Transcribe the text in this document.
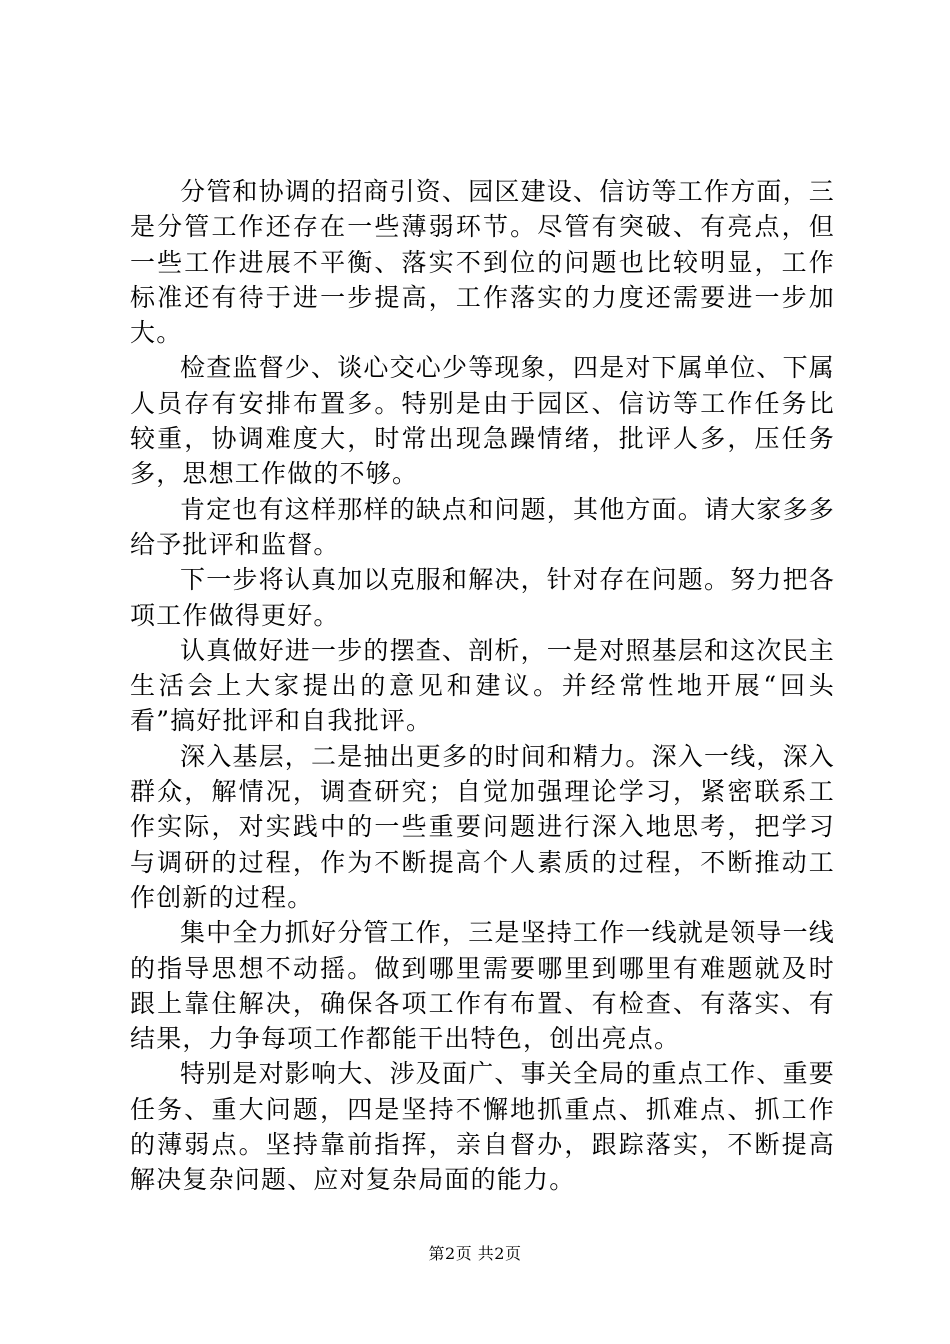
分管和协调的招商引资、园区建设、信访等工作方面，三是分管工作还存在一些薄弱环节。尽管有突破、有亮点，但一些工作进展不平衡、落实不到位的问题也比较明显，工作标准还有待于进一步提高，工作落实的力度还需要进一步加大。

检查监督少、谈心交心少等现象，四是对下属单位、下属人员存有安排布置多。特别是由于园区、信访等工作任务比较重，协调难度大，时常出现急躁情绪，批评人多，压任务多，思想工作做的不够。

肯定也有这样那样的缺点和问题，其他方面。请大家多多给予批评和监督。

下一步将认真加以克服和解决，针对存在问题。努力把各项工作做得更好。

认真做好进一步的摆查、剖析，一是对照基层和这次民主生活会上大家提出的意见和建议。并经常性地开展“回头看”搞好批评和自我批评。

深入基层，二是抽出更多的时间和精力。深入一线，深入群众，解情况，调查研究；自觉加强理论学习，紧密联系工作实际，对实践中的一些重要问题进行深入地思考，把学习与调研的过程，作为不断提高个人素质的过程，不断推动工作创新的过程。

集中全力抓好分管工作，三是坚持工作一线就是领导一线的指导思想不动摇。做到哪里需要哪里到哪里有难题就及时跟上靠住解决，确保各项工作有布置、有检查、有落实、有结果，力争每项工作都能干出特色，创出亮点。

特别是对影响大、涉及面广、事关全局的重点工作、重要任务、重大问题，四是坚持不懈地抓重点、抓难点、抓工作的薄弱点。坚持靠前指挥，亲自督办，跟踪落实，不断提高解决复杂问题、应对复杂局面的能力。

第2页 共2页
